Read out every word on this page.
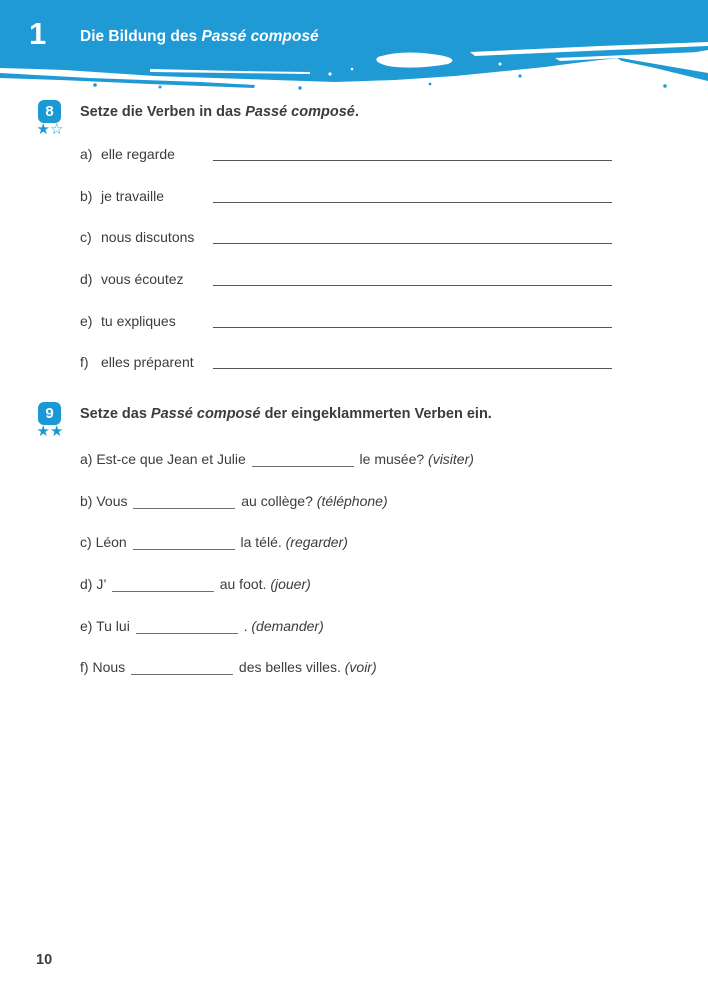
1 Die Bildung des Passé composé
8
★☆
Setze die Verben in das Passé composé.
a) elle regarde
b) je travaille
c) nous discutons
d) vous écoutez
e) tu expliques
f) elles préparent
9
★★
Setze das Passé composé der eingeklammerten Verben ein.
a) Est-ce que Jean et Julie	le musée? (visiter)
b) Vous	au collège? (téléphone)
c) Léon	la télé. (regarder)
d) J’	au foot. (jouer)
e) Tu lui	. (demander)
f) Nous	des belles villes. (voir)
10
